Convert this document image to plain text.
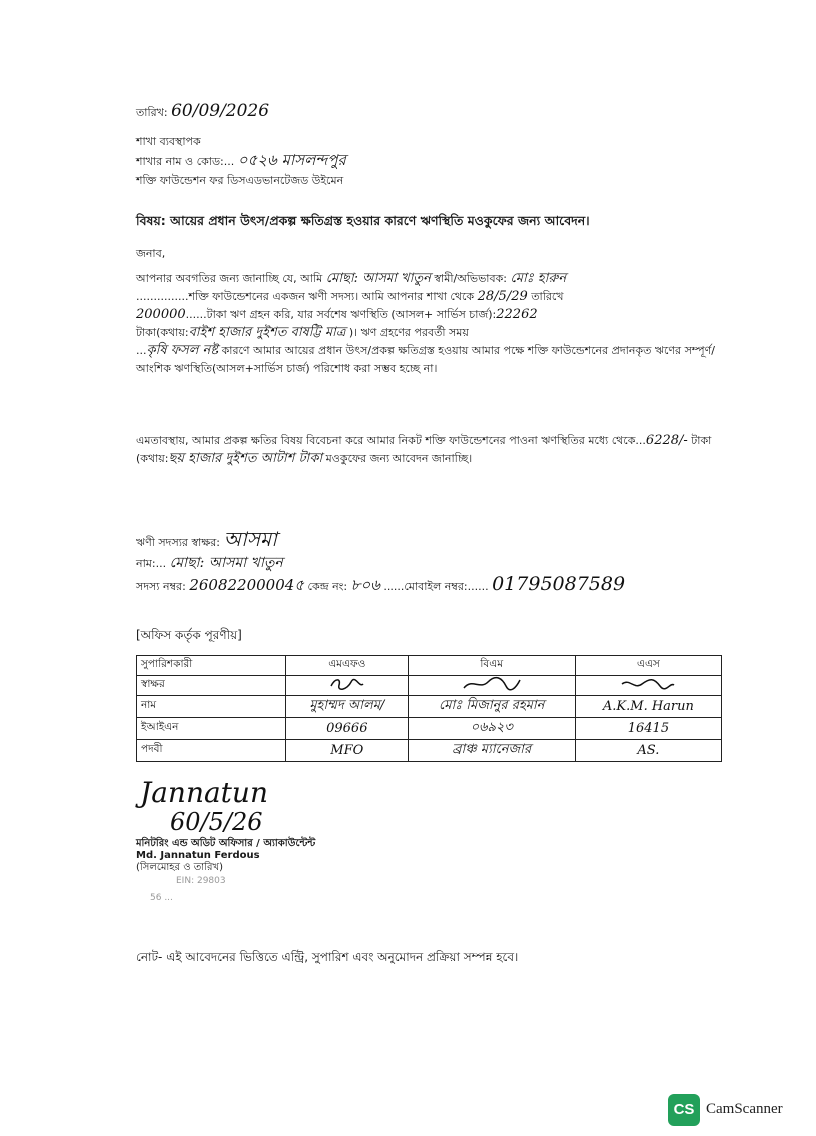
তারিখ: 60/09/2026
শাখা ব্যবস্থাপক
শাখার নাম ও কোড:... ০৫২৬ মাসলন্দপুর
শক্তি ফাউন্ডেশন ফর ডিসএডভানটেজড উইমেন
বিষয়: আয়ের প্রধান উৎস/প্রকল্প ক্ষতিগ্রস্ত হওয়ার কারণে ঋণস্থিতি মওকুফের জন্য আবেদন।
জনাব,
আপনার অবগতির জন্য জানাচ্ছি যে, আমি মোছা: আসমা খাতুন স্বামী/অভিভাবক: মোঃ হারুন
...............শক্তি ফাউন্ডেশনের একজন ঋণী সদস্য। আমি আপনার শাখা থেকে 28/5/29 তারিখে
200000......টাকা ঋণ গ্রহন করি, যার সর্বশেষ ঋণস্থিতি (আসল+ সার্ভিস চার্জ):22262
টাকা(কথায়:বাইশ হাজার দুইশত বাষট্টি মাত্র )। ঋণ গ্রহণের পরবর্তী সময়
...কৃষি ফসল নষ্ট কারণে আমার আয়ের প্রধান উৎস/প্রকল্প ক্ষতিগ্রস্ত হওয়ায় আমার পক্ষে শক্তি ফাউন্ডেশনের প্রদানকৃত ঋণের সম্পূর্ণ/আংশিক ঋণস্থিতি(আসল+সার্ভিস চার্জ) পরিশোধ করা সম্ভব হচ্ছে না।
এমতাবস্থায়, আমার প্রকল্প ক্ষতির বিষয় বিবেচনা করে আমার নিকট শক্তি ফাউন্ডেশনের পাওনা ঋণস্থিতির মধ্যে থেকে...6228/- টাকা (কথায়:ছয় হাজার দুইশত আটাশ টাকা মওকুফের জন্য আবেদন জানাচ্ছি।
ঋণী সদস্যর স্বাক্ষর: আসমা
নাম:... মোছা: আসমা খাতুন
সদস্য নম্বর: 26082200004৫ কেন্দ্র নং: ৮০৬ ......মোবাইল নম্বর:...... 01795087589
[অফিস কর্তৃক পূরণীয়]
সুপারিশকারী	এমএফও	বিএম	এএস
স্বাক্ষর			
নাম	মুহাম্মদ আলম/	মোঃ মিজানুর রহমান	A.K.M. Harun
ইআইএন	09666	০৬৯২৩	16415
পদবী	MFO	ব্রাঞ্চ ম্যানেজার	AS.
Jannatun
60/5/26
মনিটরিং এন্ড অডিট অফিসার / অ্যাকাউন্টেন্ট
Md. Jannatun Ferdous
(সিলমোহর ও তারিখ)
EIN: 29803
56 ...
নোট- এই আবেদনের ভিত্তিতে এন্ট্রি, সুপারিশ এবং অনুমোদন প্রক্রিয়া সম্পন্ন হবে।
CS CamScanner
